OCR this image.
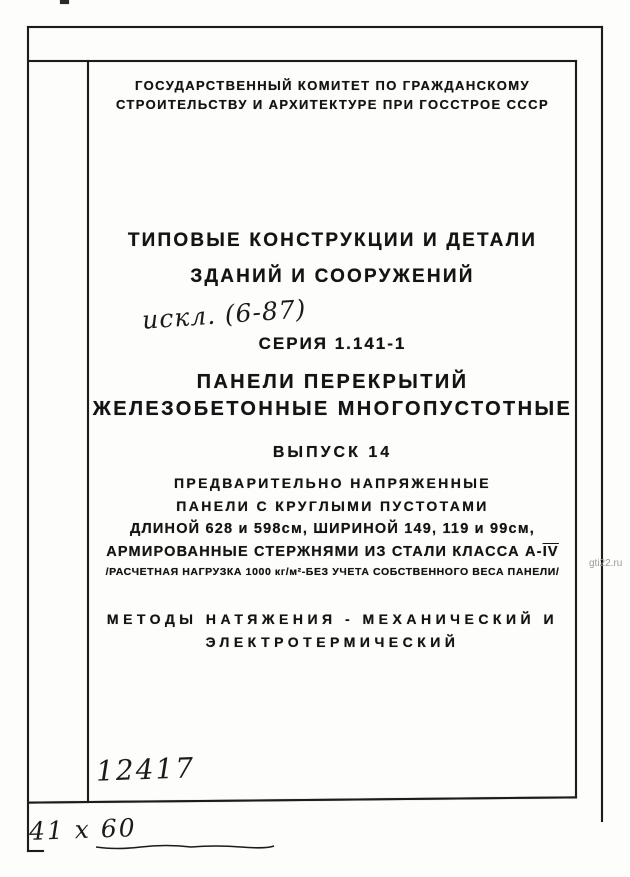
ГОСУДАРСТВЕННЫЙ КОМИТЕТ ПО ГРАЖДАНСКОМУ
СТРОИТЕЛЬСТВУ И АРХИТЕКТУРЕ ПРИ ГОССТРОЕ СССР
ТИПОВЫЕ КОНСТРУКЦИИ И ДЕТАЛИ
ЗДАНИЙ И СООРУЖЕНИЙ
искл. (6-87)
СЕРИЯ 1.141-1
ПАНЕЛИ ПЕРЕКРЫТИЙ
ЖЕЛЕЗОБЕТОННЫЕ МНОГОПУСТОТНЫЕ
ВЫПУСК 14
ПРЕДВАРИТЕЛЬНО НАПРЯЖЕННЫЕ
ПАНЕЛИ С КРУГЛЫМИ ПУСТОТАМИ
ДЛИНОЙ 628 и 598см, ШИРИНОЙ 149, 119 и 99см,
АРМИРОВАННЫЕ СТЕРЖНЯМИ ИЗ СТАЛИ КЛАССА $А-\overline{IV}$
/РАСЧЕТНАЯ НАГРУЗКА 1000 кг/м²-БЕЗ УЧЕТА СОБСТВЕННОГО ВЕСА ПАНЕЛИ/
МЕТОДЫ НАТЯЖЕНИЯ - МЕХАНИЧЕСКИЙ И
ЭЛЕКТРОТЕРМИЧЕСКИЙ
12417
41 х 60
gti22.ru
